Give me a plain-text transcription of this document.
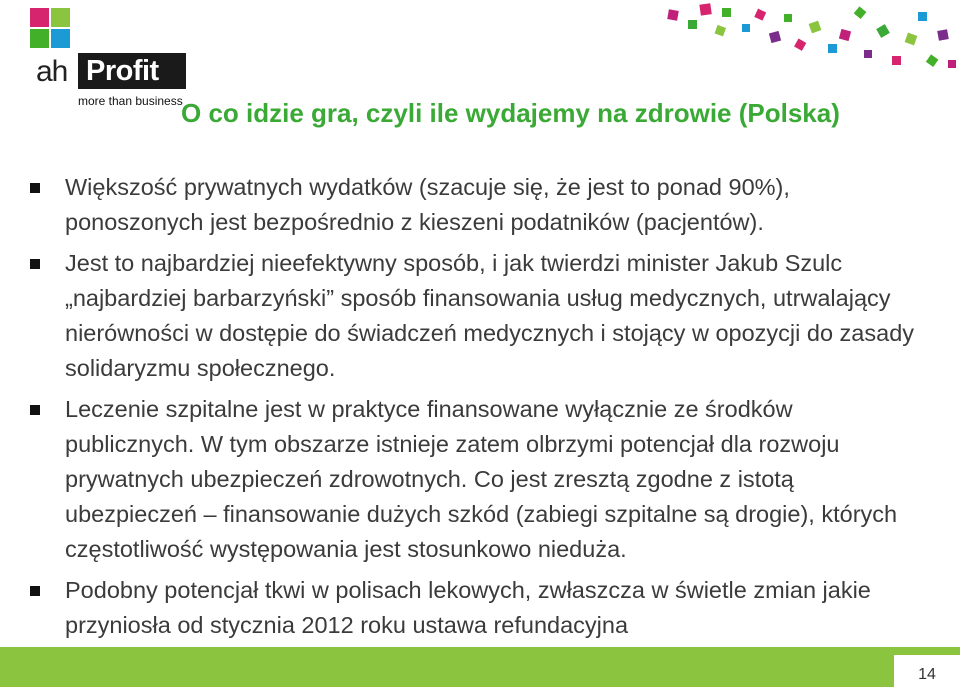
ah Profit
more than business
O co idzie gra, czyli ile wydajemy na zdrowie (Polska)
Większość prywatnych wydatków (szacuje się, że jest to ponad 90%), ponoszonych jest bezpośrednio z kieszeni podatników (pacjentów).
Jest to najbardziej nieefektywny sposób, i jak twierdzi minister Jakub Szulc „najbardziej barbarzyński” sposób finansowania usług medycznych, utrwalający nierówności w dostępie do świadczeń medycznych i stojący w opozycji do zasady solidaryzmu społecznego.
Leczenie szpitalne jest w praktyce finansowane wyłącznie ze środków publicznych. W tym obszarze istnieje zatem olbrzymi potencjał dla rozwoju prywatnych ubezpieczeń zdrowotnych. Co jest zresztą zgodne z istotą ubezpieczeń – finansowanie dużych szkód (zabiegi szpitalne są drogie), których częstotliwość występowania jest stosunkowo nieduża.
Podobny potencjał tkwi w polisach lekowych, zwłaszcza w świetle zmian jakie przyniosła od stycznia 2012 roku ustawa refundacyjna
14
